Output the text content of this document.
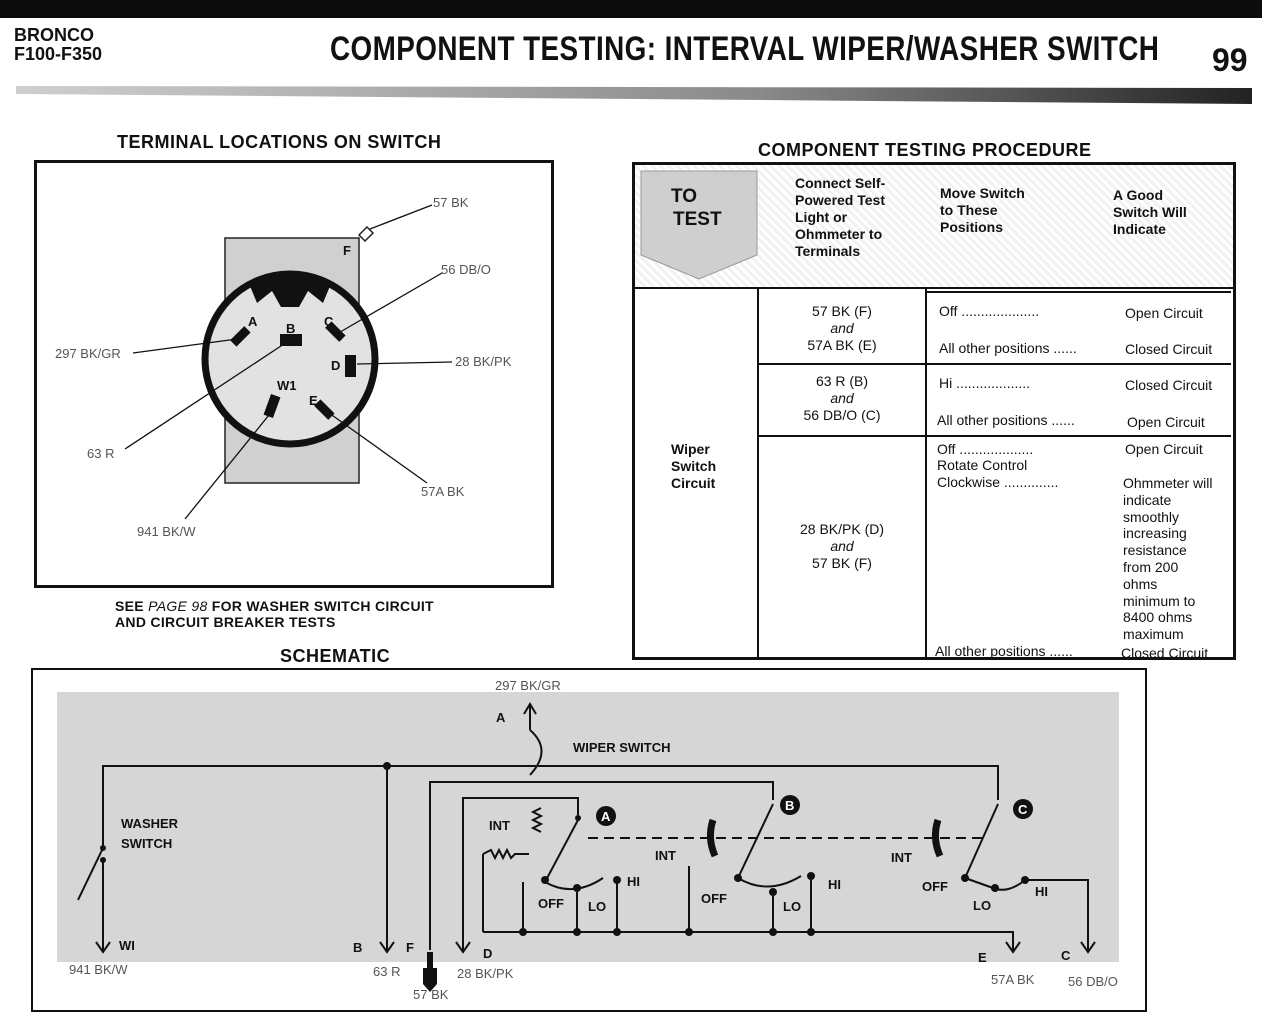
BRONCO
F100-F350	COMPONENT TESTING: INTERVAL WIPER/WASHER SWITCH 99
TERMINAL LOCATIONS ON SWITCH
F
A B C
D
W1
E
57 BK
56 DB/O
297 BK/GR
28 BK/PK
63 R
57A BK
941 BK/W
SEE PAGE 98 FOR WASHER SWITCH CIRCUIT
AND CIRCUIT BREAKER TESTS
COMPONENT TESTING PROCEDURE
TO
TEST
Connect Self-
Powered Test
Light or
Ohmmeter to
Terminals
Move Switch
to These
Positions
A Good
Switch Will
Indicate
Wiper
Switch
Circuit
57 BK (F)
and
57A BK (E)
Off ....................	Open Circuit
All other positions ......	Closed Circuit
63 R (B)
and
56 DB/O (C)
Hi ...................	Closed Circuit
All other positions ......	Open Circuit
28 BK/PK (D)
and
57 BK (F)
Off ...................	Open Circuit
Rotate Control
Clockwise ..............	Ohmmeter will
indicate
smoothly
increasing
resistance
from 200
ohms
minimum to
8400 ohms
maximum
All other positions ......	Closed Circuit
SCHEMATIC
A
B	C
297 BK/GR
A
WIPER SWITCH
WASHER
SWITCH
INT
INT	INT
OFF LO
HI
OFF
LO
HI	OFF
LO
HI
WI	B	F	D	E	C
941 BK/W	63 R
57 BK
28 BK/PK	57A BK	56 DB/O
